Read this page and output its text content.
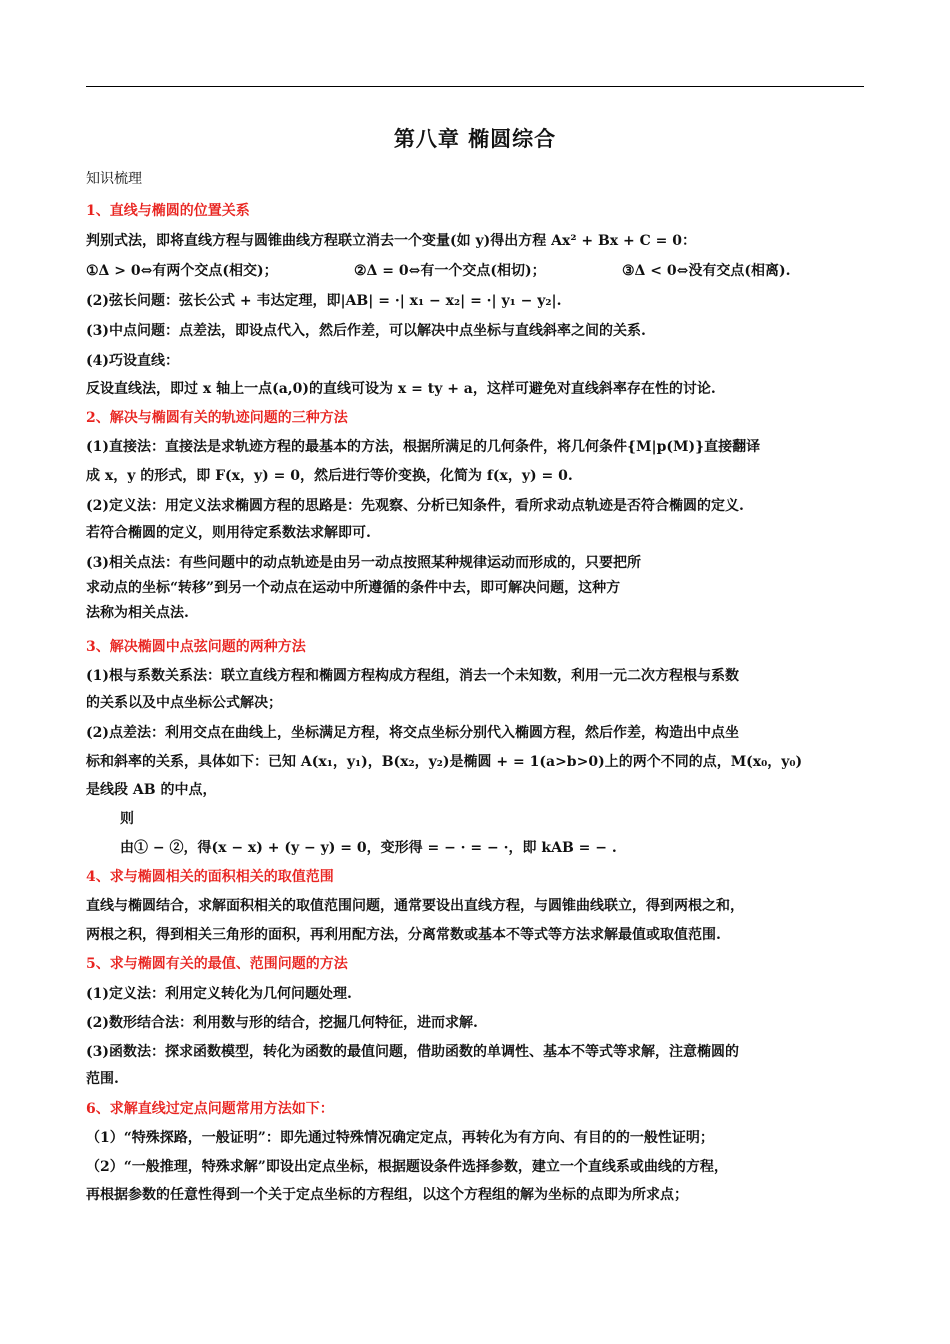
第八章 椭圆综合
知识梳理
1、直线与椭圆的位置关系
判别式法，即将直线方程与圆锥曲线方程联立消去一个变量(如 y)得出方程 Ax² + Bx + C = 0：
①Δ > 0⇔有两个交点(相交)；	②Δ = 0⇔有一个交点(相切)；	③Δ < 0⇔没有交点(相离).
(2)弦长问题：弦长公式 + 韦达定理，即|AB| = ·| x₁ − x₂| = ·| y₁ − y₂|.
(3)中点问题：点差法，即设点代入，然后作差，可以解决中点坐标与直线斜率之间的关系.
(4)巧设直线：
反设直线法，即过 x 轴上一点(a,0)的直线可设为 x = ty + a，这样可避免对直线斜率存在性的讨论.
2、解决与椭圆有关的轨迹问题的三种方法
(1)直接法：直接法是求轨迹方程的最基本的方法，根据所满足的几何条件，将几何条件{M|p(M)}直接翻译
成 x，y 的形式，即 F(x，y) = 0，然后进行等价变换，化简为 f(x，y) = 0.
(2)定义法：用定义法求椭圆方程的思路是：先观察、分析已知条件，看所求动点轨迹是否符合椭圆的定义.
若符合椭圆的定义，则用待定系数法求解即可.
(3)相关点法：有些问题中的动点轨迹是由另一动点按照某种规律运动而形成的，只要把所
求动点的坐标“转移”到另一个动点在运动中所遵循的条件中去，即可解决问题，这种方
法称为相关点法.
3、解决椭圆中点弦问题的两种方法
(1)根与系数关系法：联立直线方程和椭圆方程构成方程组，消去一个未知数，利用一元二次方程根与系数
的关系以及中点坐标公式解决；
(2)点差法：利用交点在曲线上，坐标满足方程，将交点坐标分别代入椭圆方程，然后作差，构造出中点坐
标和斜率的关系，具体如下：已知 A(x₁，y₁)，B(x₂，y₂)是椭圆 + = 1(a>b>0)上的两个不同的点，M(x₀，y₀)
是线段 AB 的中点，
则
由① − ②，得(x − x) + (y − y) = 0，变形得 = − · = − ·，即 kAB = − .
4、求与椭圆相关的面积相关的取值范围
直线与椭圆结合，求解面积相关的取值范围问题，通常要设出直线方程，与圆锥曲线联立，得到两根之和，
两根之积，得到相关三角形的面积，再利用配方法，分离常数或基本不等式等方法求解最值或取值范围.
5、求与椭圆有关的最值、范围问题的方法
(1)定义法：利用定义转化为几何问题处理.
(2)数形结合法：利用数与形的结合，挖掘几何特征，进而求解.
(3)函数法：探求函数模型，转化为函数的最值问题，借助函数的单调性、基本不等式等求解，注意椭圆的
范围.
6、求解直线过定点问题常用方法如下：
（1）“特殊探路，一般证明”：即先通过特殊情况确定定点，再转化为有方向、有目的的一般性证明；
（2）“一般推理，特殊求解”即设出定点坐标，根据题设条件选择参数，建立一个直线系或曲线的方程，
再根据参数的任意性得到一个关于定点坐标的方程组，以这个方程组的解为坐标的点即为所求点；
